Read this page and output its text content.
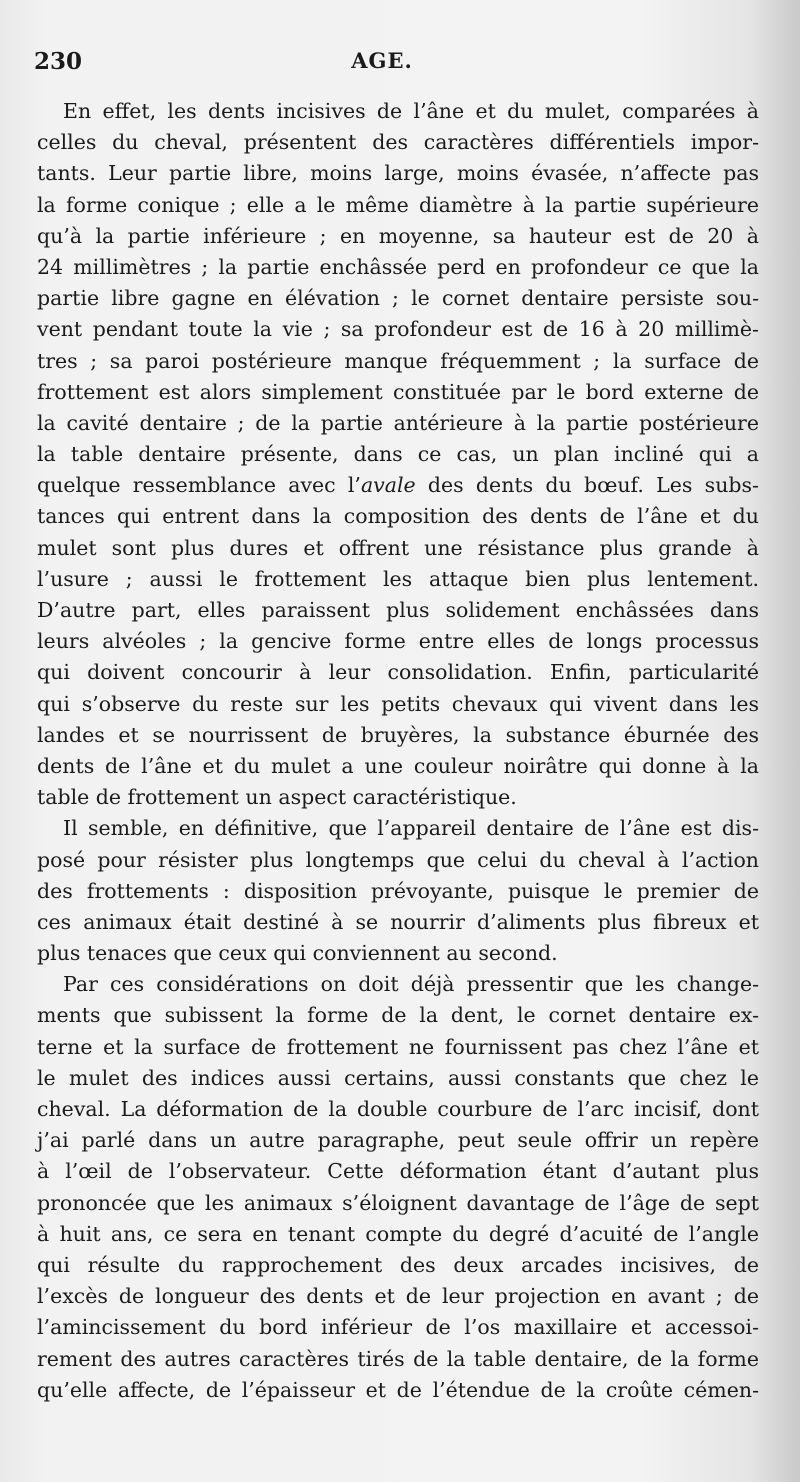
230	AGE.
En effet, les dents incisives de l’âne et du mulet, comparées à
celles du cheval, présentent des caractères différentiels impor-
tants. Leur partie libre, moins large, moins évasée, n’affecte pas
la forme conique ; elle a le même diamètre à la partie supérieure
qu’à la partie inférieure ; en moyenne, sa hauteur est de 20 à
24 millimètres ; la partie enchâssée perd en profondeur ce que la
partie libre gagne en élévation ; le cornet dentaire persiste sou-
vent pendant toute la vie ; sa profondeur est de 16 à 20 millimè-
tres ; sa paroi postérieure manque fréquemment ; la surface de
frottement est alors simplement constituée par le bord externe de
la cavité dentaire ; de la partie antérieure à la partie postérieure
la table dentaire présente, dans ce cas, un plan incliné qui a
quelque ressemblance avec l’avale des dents du bœuf. Les subs-
tances qui entrent dans la composition des dents de l’âne et du
mulet sont plus dures et offrent une résistance plus grande à
l’usure ; aussi le frottement les attaque bien plus lentement.
D’autre part, elles paraissent plus solidement enchâssées dans
leurs alvéoles ; la gencive forme entre elles de longs processus
qui doivent concourir à leur consolidation. Enfin, particularité
qui s’observe du reste sur les petits chevaux qui vivent dans les
landes et se nourrissent de bruyères, la substance éburnée des
dents de l’âne et du mulet a une couleur noirâtre qui donne à la
table de frottement un aspect caractéristique.
Il semble, en définitive, que l’appareil dentaire de l’âne est dis-
posé pour résister plus longtemps que celui du cheval à l’action
des frottements : disposition prévoyante, puisque le premier de
ces animaux était destiné à se nourrir d’aliments plus fibreux et
plus tenaces que ceux qui conviennent au second.
Par ces considérations on doit déjà pressentir que les change-
ments que subissent la forme de la dent, le cornet dentaire ex-
terne et la surface de frottement ne fournissent pas chez l’âne et
le mulet des indices aussi certains, aussi constants que chez le
cheval. La déformation de la double courbure de l’arc incisif, dont
j’ai parlé dans un autre paragraphe, peut seule offrir un repère
à l’œil de l’observateur. Cette déformation étant d’autant plus
prononcée que les animaux s’éloignent davantage de l’âge de sept
à huit ans, ce sera en tenant compte du degré d’acuité de l’angle
qui résulte du rapprochement des deux arcades incisives, de
l’excès de longueur des dents et de leur projection en avant ; de
l’amincissement du bord inférieur de l’os maxillaire et accessoi-
rement des autres caractères tirés de la table dentaire, de la forme
qu’elle affecte, de l’épaisseur et de l’étendue de la croûte cémen-
